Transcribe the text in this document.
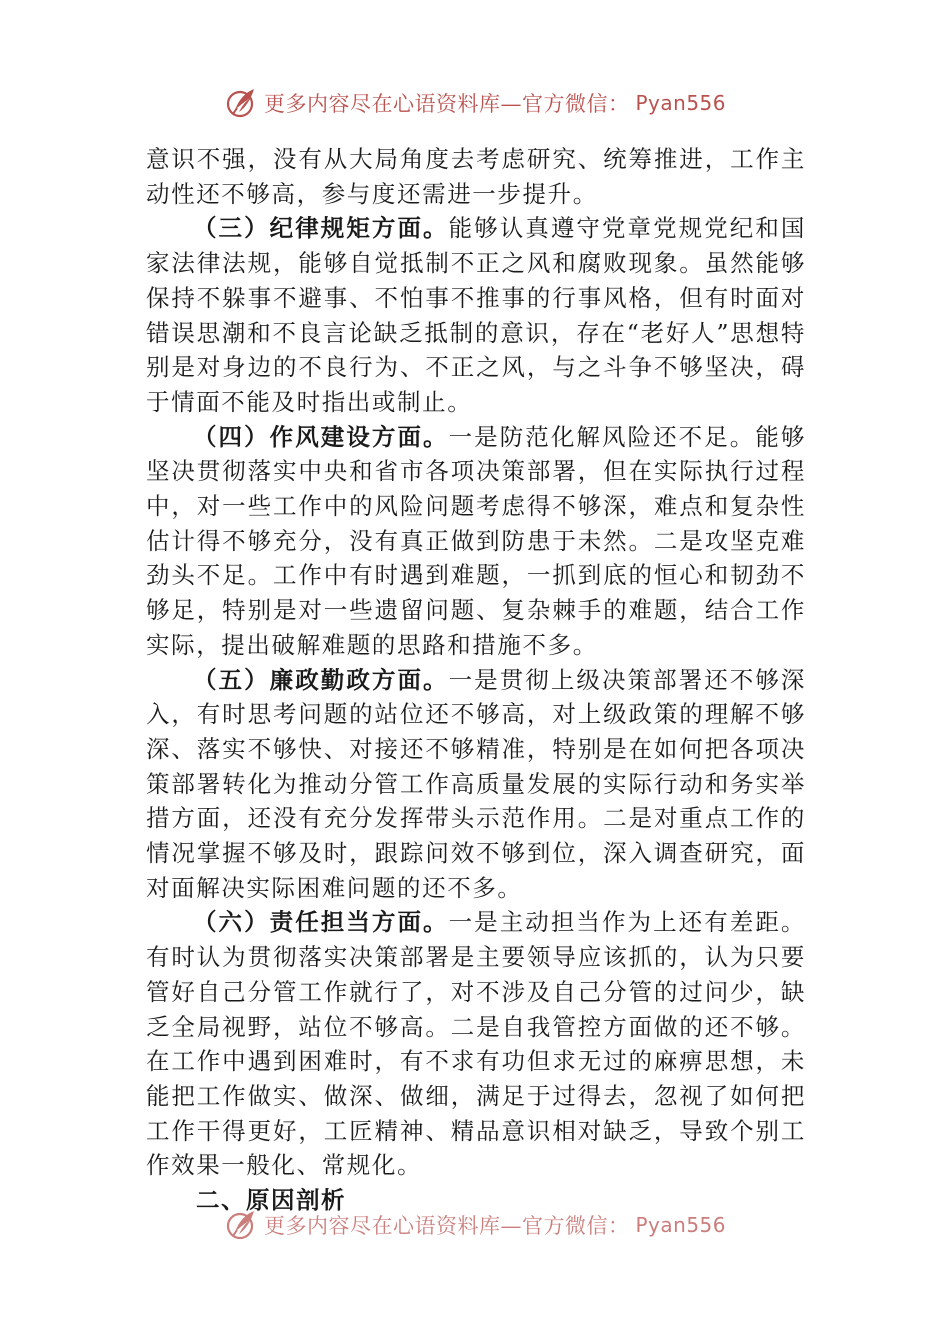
更多内容尽在心语资料库—官方微信： Pyan556

意识不强，没有从大局角度去考虑研究、统筹推进，工作主动性还不够高，参与度还需进一步提升。

（三）纪律规矩方面。能够认真遵守党章党规党纪和国家法律法规，能够自觉抵制不正之风和腐败现象。虽然能够保持不躲事不避事、不怕事不推事的行事风格，但有时面对错误思潮和不良言论缺乏抵制的意识，存在“老好人”思想特别是对身边的不良行为、不正之风，与之斗争不够坚决，碍于情面不能及时指出或制止。

（四）作风建设方面。一是防范化解风险还不足。能够坚决贯彻落实中央和省市各项决策部署，但在实际执行过程中，对一些工作中的风险问题考虑得不够深，难点和复杂性估计得不够充分，没有真正做到防患于未然。二是攻坚克难劲头不足。工作中有时遇到难题，一抓到底的恒心和韧劲不够足，特别是对一些遗留问题、复杂棘手的难题，结合工作实际，提出破解难题的思路和措施不多。

（五）廉政勤政方面。一是贯彻上级决策部署还不够深入，有时思考问题的站位还不够高，对上级政策的理解不够深、落实不够快、对接还不够精准，特别是在如何把各项决策部署转化为推动分管工作高质量发展的实际行动和务实举措方面，还没有充分发挥带头示范作用。二是对重点工作的情况掌握不够及时，跟踪问效不够到位，深入调查研究，面对面解决实际困难问题的还不多。

（六）责任担当方面。一是主动担当作为上还有差距。有时认为贯彻落实决策部署是主要领导应该抓的，认为只要管好自己分管工作就行了，对不涉及自己分管的过问少，缺乏全局视野，站位不够高。二是自我管控方面做的还不够。在工作中遇到困难时，有不求有功但求无过的麻痹思想，未能把工作做实、做深、做细，满足于过得去，忽视了如何把工作干得更好，工匠精神、精品意识相对缺乏，导致个别工作效果一般化、常规化。

二、原因剖析
更多内容尽在心语资料库—官方微信： Pyan556
